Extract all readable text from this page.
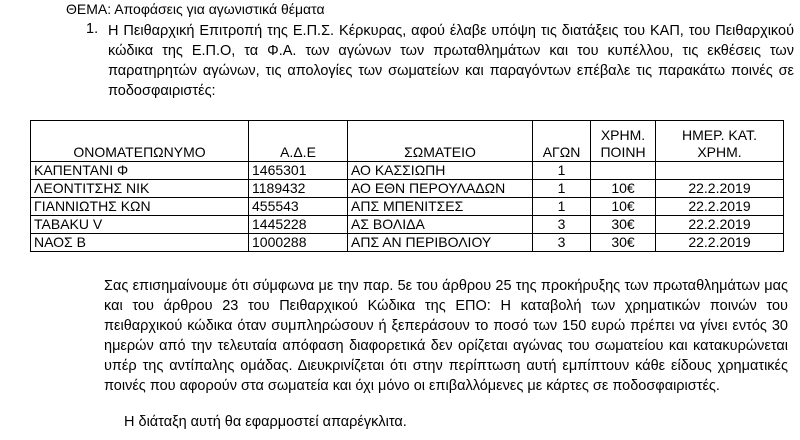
ΘΕΜΑ: Αποφάσεις για αγωνιστικά θέματα
1. Η Πειθαρχική Επιτροπή της Ε.Π.Σ. Κέρκυρας, αφού έλαβε υπόψη τις διατάξεις του ΚΑΠ, του Πειθαρχικού κώδικα της Ε.Π.Ο, τα Φ.Α. των αγώνων των πρωταθλημάτων και του κυπέλλου, τις εκθέσεις των παρατηρητών αγώνων, τις απολογίες των σωματείων και παραγόντων επέβαλε τις παρακάτω ποινές σε ποδοσφαιριστές:

ΟΝΟΜΑΤΕΠΩΝΥΜΟ	Α.Δ.Ε	ΣΩΜΑΤΕΙΟ	ΑΓΩΝ	ΧΡΗΜ. ΠΟΙΝΗ	ΗΜΕΡ. ΚΑΤ. ΧΡΗΜ.
ΚΑΠΕΝΤΑΝΙ Φ	1465301	ΑΟ ΚΑΣΣΙΩΠΗ	1		
ΛΕΟΝΤΙΤΣΗΣ ΝΙΚ	1189432	ΑΟ ΕΘΝ ΠΕΡΟΥΛΑΔΩΝ	1	10€	22.2.2019
ΓΙΑΝΝΙΩΤΗΣ ΚΩΝ	455543	ΑΠΣ ΜΠΕΝΙΤΣΕΣ	1	10€	22.2.2019
TABAKU V	1445228	ΑΣ ΒΟΛΙΔΑ	3	30€	22.2.2019
ΝΑΟΣ Β	1000288	ΑΠΣ ΑΝ ΠΕΡΙΒΟΛΙΟΥ	3	30€	22.2.2019

Σας επισημαίνουμε ότι σύμφωνα με την παρ. 5ε του άρθρου 25 της προκήρυξης των πρωταθλημάτων μας και του άρθρου 23 του Πειθαρχικού Κώδικα της ΕΠΟ: Η καταβολή των χρηματικών ποινών του πειθαρχικού κώδικα όταν συμπληρώσουν ή ξεπεράσουν το ποσό των 150 ευρώ πρέπει να γίνει εντός 30 ημερών από την τελευταία απόφαση διαφορετικά δεν ορίζεται αγώνας του σωματείου και κατακυρώνεται υπέρ της αντίπαλης ομάδας. Διευκρινίζεται ότι στην περίπτωση αυτή εμπίπτουν κάθε είδους χρηματικές ποινές που αφορούν στα σωματεία και όχι μόνο οι επιβαλλόμενες με κάρτες σε ποδοσφαιριστές.

Η διάταξη αυτή θα εφαρμοστεί απαρέγκλιτα.
